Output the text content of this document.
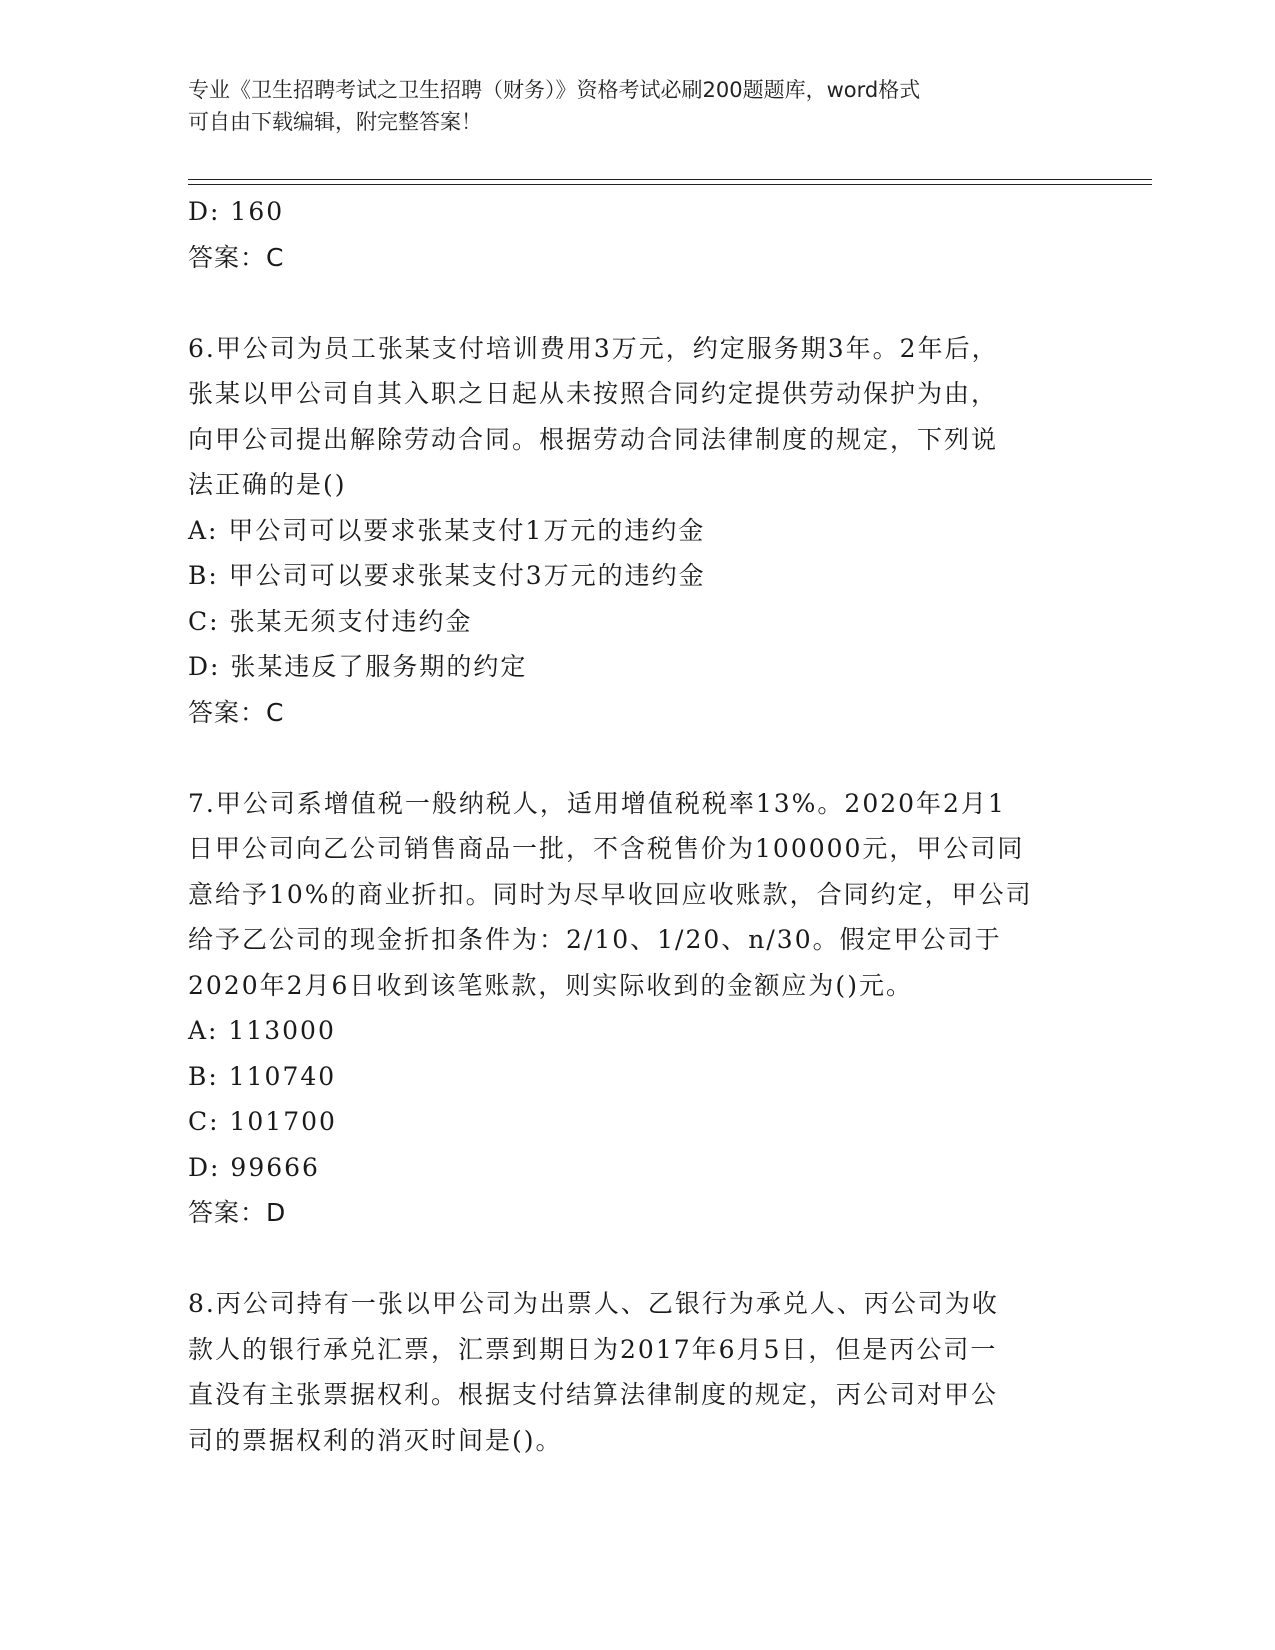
专业《卫生招聘考试之卫生招聘（财务）》资格考试必刷200题题库，word格式
可自由下载编辑，附完整答案！
D: 160
答案：C
6.甲公司为员工张某支付培训费用3万元，约定服务期3年。2年后，
张某以甲公司自其入职之日起从未按照合同约定提供劳动保护为由，
向甲公司提出解除劳动合同。根据劳动合同法律制度的规定，下列说
法正确的是()
A: 甲公司可以要求张某支付1万元的违约金
B: 甲公司可以要求张某支付3万元的违约金
C: 张某无须支付违约金
D: 张某违反了服务期的约定
答案：C
7.甲公司系增值税一般纳税人，适用增值税税率13%。2020年2月1
日甲公司向乙公司销售商品一批，不含税售价为100000元，甲公司同
意给予10%的商业折扣。同时为尽早收回应收账款，合同约定，甲公司
给予乙公司的现金折扣条件为：2/10、1/20、n/30。假定甲公司于
2020年2月6日收到该笔账款，则实际收到的金额应为()元。
A: 113000
B: 110740
C: 101700
D: 99666
答案：D
8.丙公司持有一张以甲公司为出票人、乙银行为承兑人、丙公司为收
款人的银行承兑汇票，汇票到期日为2017年6月5日，但是丙公司一
直没有主张票据权利。根据支付结算法律制度的规定，丙公司对甲公
司的票据权利的消灭时间是()。
